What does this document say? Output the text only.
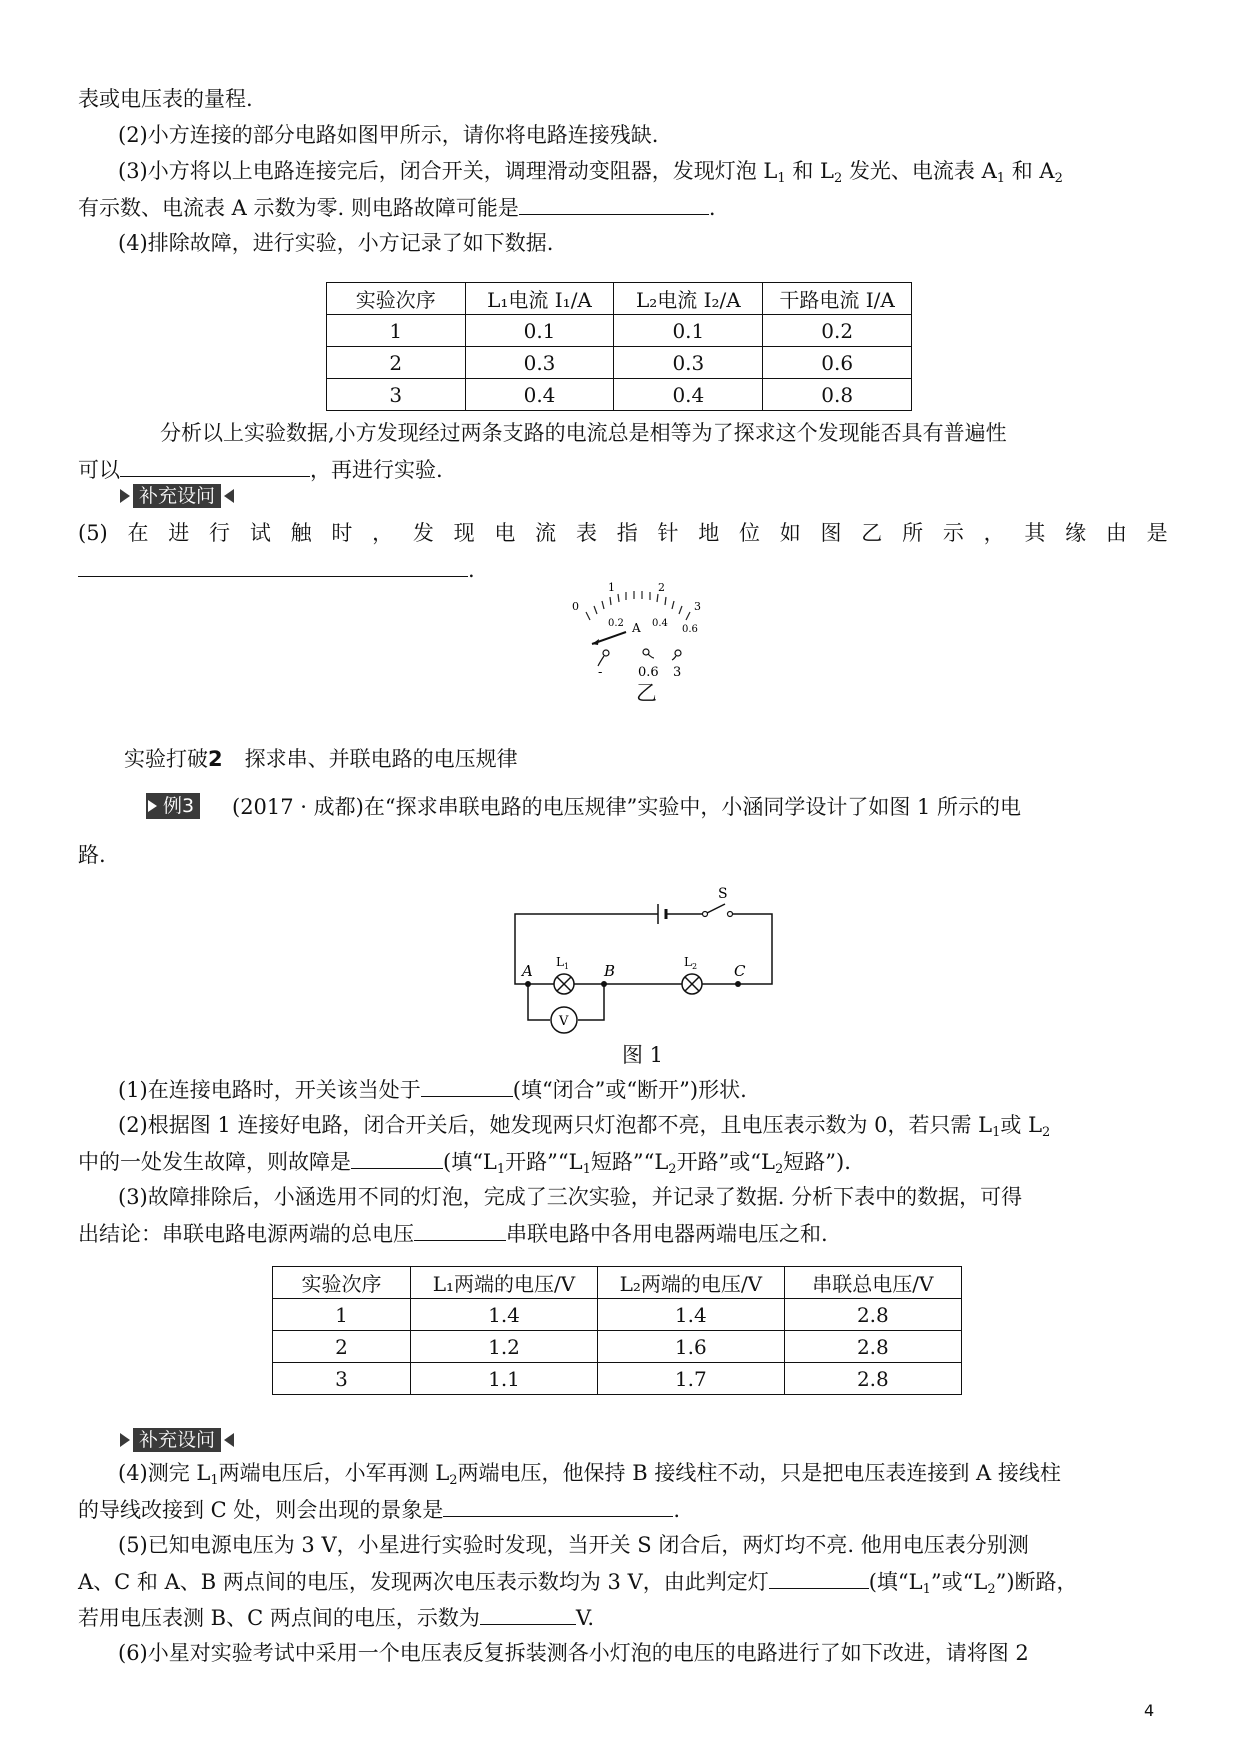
表或电压表的量程.
(2)小方连接的部分电路如图甲所示，请你将电路连接残缺.
(3)小方将以上电路连接完后，闭合开关，调理滑动变阻器，发现灯泡 $L_1$ 和 $L_2$ 发光、电流表 $A_1$ 和 $A_2$
有示数、电流表 A 示数为零. 则电路故障可能是	.
(4)排除故障，进行实验，小方记录了如下数据.
实验次序	L₁电流 I₁/A	L₂电流 I₂/A	干路电流 I/A
1	0.1	0.1	0.2
2	0.3	0.3	0.6
3	0.4	0.4	0.8
分析以上实验数据,小方发现经过两条支路的电流总是相等为了探求这个发现能否具有普遍性
可以	，再进行实验.
补充设问
(5) 在 进 行 试 触 时 ， 发 现 电 流 表 指 针 地 位 如 图 乙 所 示 ， 其 缘 由 是
.
0
1	2
3
0.2 A 0.4
0.6
-	0.6 3
乙
实验打破2 探求串、并联电路的电压规律
例3 (2017 · 成都)在“探求串联电路的电压规律”实验中，小涵同学设计了如图 1 所示的电
路.
S
A	B	C
$L_1$	$L_2$
V
图 1
(1)在连接电路时，开关该当处于	(填“闭合”或“断开”)形状.
(2)根据图 1 连接好电路，闭合开关后，她发现两只灯泡都不亮，且电压表示数为 0，若只需 $L_1$或 $L_2$
中的一处发生故障，则故障是	(填“$L_1$开路$”“L_1$短路$”“L_2$开路”或“$L_2$短路”).
(3)故障排除后，小涵选用不同的灯泡，完成了三次实验，并记录了数据. 分析下表中的数据，可得
出结论：串联电路电源两端的总电压	串联电路中各用电器两端电压之和.
实验次序	L₁两端的电压/V	L₂两端的电压/V	串联总电压/V
1	1.4	1.4	2.8
2	1.2	1.6	2.8
3	1.1	1.7	2.8
补充设问
(4)测完 $L_1$两端电压后，小军再测 $L_2$两端电压，他保持 B 接线柱不动，只是把电压表连接到 A 接线柱
的导线改接到 C 处，则会出现的景象是	.
(5)已知电源电压为 3 V，小星进行实验时发现，当开关 S 闭合后，两灯均不亮. 他用电压表分别测
A、C 和 A、B 两点间的电压，发现两次电压表示数均为 3 V，由此判定灯	(填“$L_1$”或“$L_2$”)断路，
若用电压表测 B、C 两点间的电压，示数为	V.
(6)小星对实验考试中采用一个电压表反复拆装测各小灯泡的电压的电路进行了如下改进，请将图 2
4
